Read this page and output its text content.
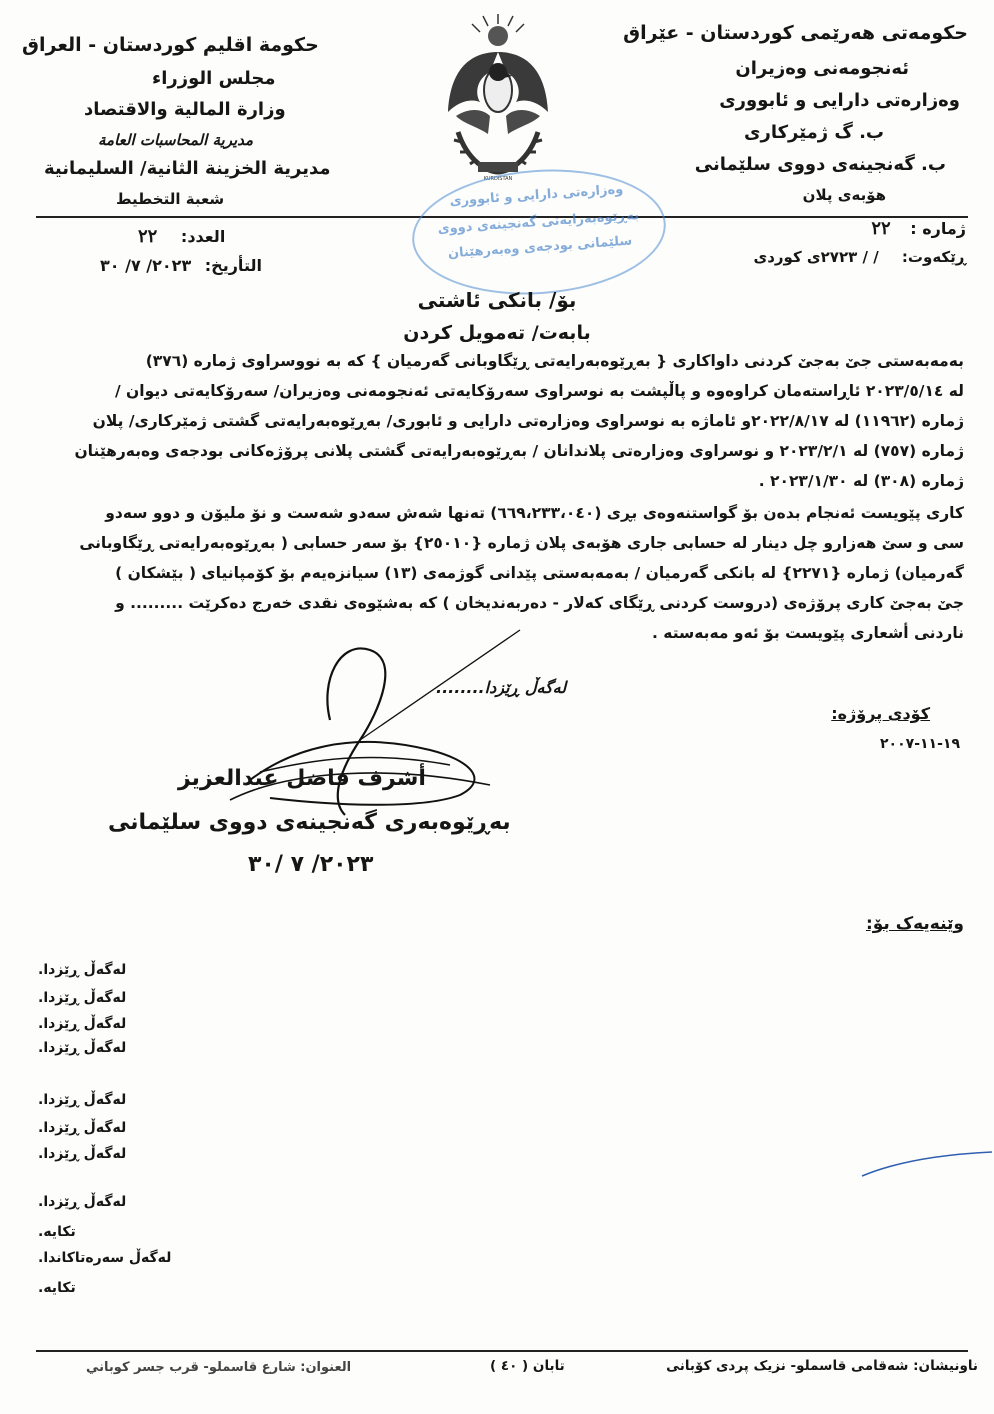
حکومەتی هەرێمی کوردستان - عێراق
ئەنجومەنی وەزیران
وەزارەتی دارایی و ئابووری
ب. گ ژمێرکاری
ب. گەنجینەی دووی سلێمانی
هۆبەی پلان
حكومة اقليم كوردستان - العراق
مجلس الوزراء
وزارة المالية والاقتصاد
مديرية المحاسبات العامة
مديرية الخزينة الثانية/ السليمانية
شعبة التخطيط
KURDISTAN
ژمارە : ٢٢
ڕێکەوت: / / ٢٧٢٣ی کوردی
العدد: ٢٢
التأريخ: ٢٠٢٣/ ٧/ ٣٠
وەزارەتی دارایی و ئابووری
بەڕێوەبەرایەتی گەنجینەی دووی
سلێمانی بودجەی وەبەرهێنان
بۆ/ بانکی ئاشتی
بابەت/ تەمویل کردن
بەمەبەستی جێ بەجێ کردنی داواکاری { بەڕێوەبەرایەتی ڕێگاوبانی گەرمیان } کە بە نووسراوی ژمارە (٣٧٦)
لە ٢٠٢٣/٥/١٤ ئاڕاستەمان کراوەوە و پاڵپشت بە نوسراوی سەرۆکایەتی ئەنجومەنی وەزیران/ سەرۆکایەتی دیوان /
ژمارە (١١٩٦٢) لە ٢٠٢٢/٨/١٧و ئاماژە بە نوسراوی وەزارەتی دارایی و ئابوری/ بەڕێوەبەرایەتی گشتی ژمێرکاری/ پلان
ژمارە (٧٥٧) لە ٢٠٢٣/٢/١ و نوسراوی وەزارەتی پلاندانان / بەڕێوەبەرایەتی گشتی پلانی پرۆژەکانی بودجەی وەبەرهێنان
ژمارە (٣٠٨) لە ٢٠٢٣/١/٣٠ .
کاری پێویست ئەنجام بدەن بۆ گواستنەوەی بڕی (٦٦٩،٢٣٣،٠٤٠) تەنها شەش سەدو شەست و نۆ ملیۆن و دوو سەدو
سی و سێ هەزارو چل دینار لە حسابی جاری هۆبەی پلان ژمارە {٢٥٠١٠} بۆ سەر حسابی ( بەڕێوەبەرایەتی ڕێگاوبانی
گەرمیان) ژمارە {٢٢٧١} لە بانکی گەرمیان / بەمەبەستی پێدانی گوژمەی (١٣) سیانزەیەم بۆ کۆمپانیای ( بێشکان )
جێ بەجێ کاری پرۆژەی (دروست کردنی ڕێگای کەلار - دەربەندیخان ) کە بەشێوەی نقدی خەرج دەکرێت ......... و
ناردنی أشعاری پێویست بۆ ئەو مەبەستە .
لەگەڵ ڕێزدا........
کۆدی پرۆژە:
١٩-١١-٢٠٠٧
أشرف فاضل عبدالعزيز
بەڕێوەبەری گەنجینەی دووی سلێمانی
٢٠٢٣/ ٧ /٣٠
وێنەیەک بۆ:
لەگەڵ ڕێزدا.
لەگەڵ ڕێزدا.
لەگەڵ ڕێزدا.
لەگەڵ ڕێزدا.
لەگەڵ ڕێزدا.
لەگەڵ ڕێزدا.
لەگەڵ ڕێزدا.
لەگەڵ ڕێزدا.
تکایە.
لەگەڵ سەرەتاکاندا.
تکایە.
ناونیشان: شەقامی قاسملو- نزیک پردی کۆبانی
تابان ( ٤٠ )
العنوان: شارع قاسملو- قرب جسر كوباني
